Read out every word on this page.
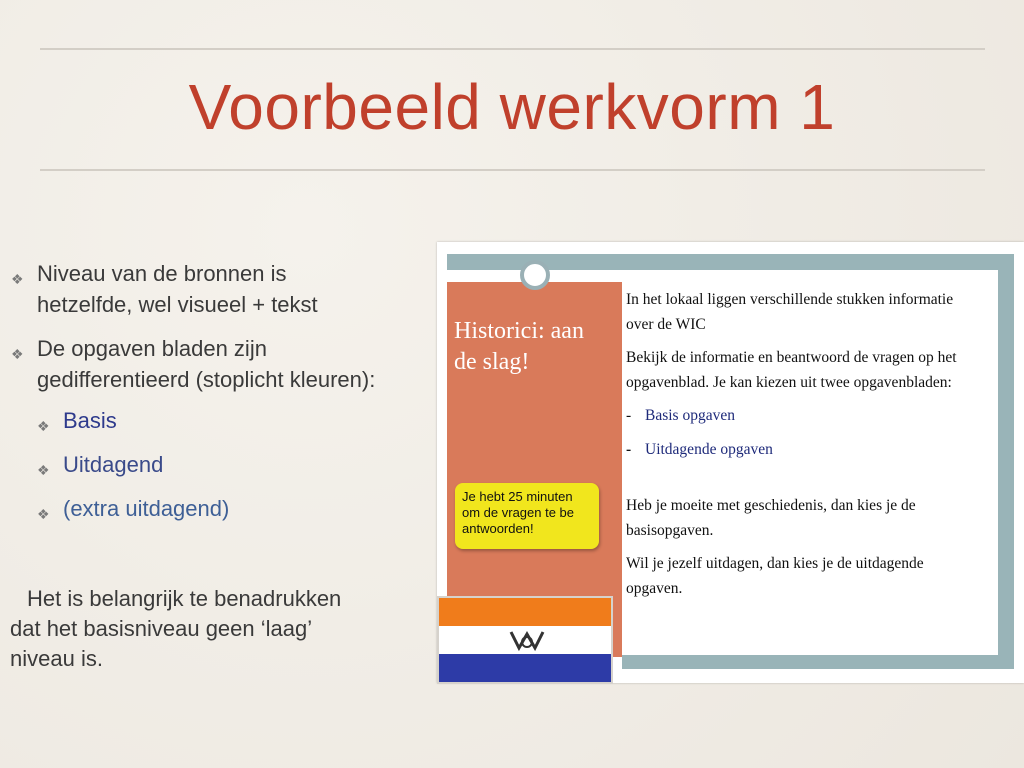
Voorbeeld werkvorm 1
❖ Niveau van de bronnen is
hetzelfde, wel visueel + tekst
❖ De opgaven bladen zijn
gedifferentieerd (stoplicht kleuren):
❖ Basis
❖ Uitdagend
❖ (extra uitdagend)
Het is belangrijk te benadrukken
dat het basisniveau geen ‘laag’
niveau is.
Historici: aan
de slag!
Je hebt 25 minuten
om de vragen te be
antwoorden!
In het lokaal liggen verschillende stukken informatie
over de WIC
Bekijk de informatie en beantwoord de vragen op het
opgavenblad. Je kan kiezen uit twee opgavenbladen:
- Basis opgaven
- Uitdagende opgaven
Heb je moeite met geschiedenis, dan kies je de
basisopgaven.
Wil je jezelf uitdagen, dan kies je de uitdagende
opgaven.
